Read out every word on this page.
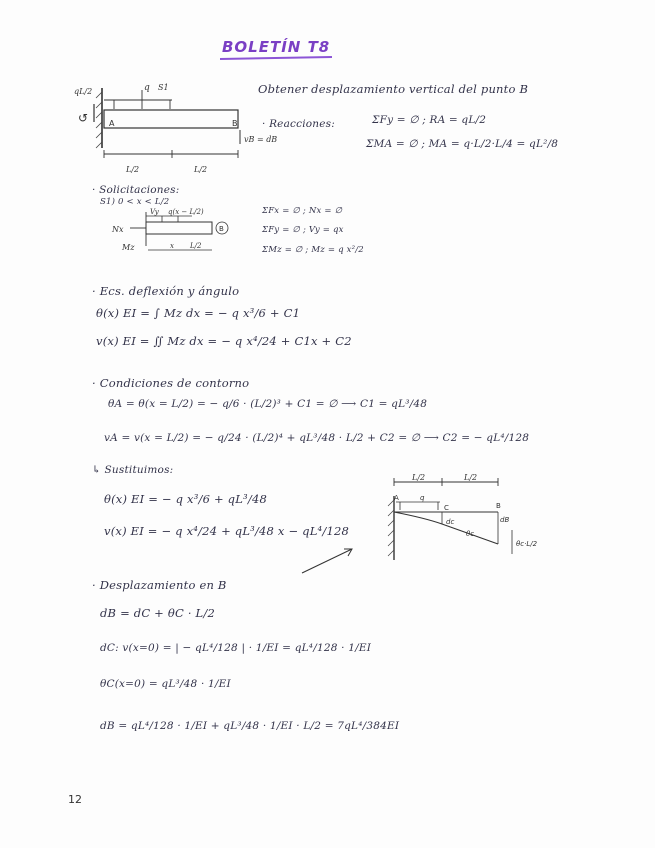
BOLETÍN T8
q S1
qL/2
↺	A	B
vB = dB
L/2	L/2
Obtener desplazamiento vertical del punto B
· Reacciones:	ΣFy = ∅ ; RA = qL/2
ΣMA = ∅ ; MA = q·L/2·L/4 = qL²/8
· Solicitaciones:
S1) 0 < x < L/2
Nx
Vy q(x − L/2)
Mz	x L/2
B
ΣFx = ∅ ; Nx = ∅
ΣFy = ∅ ; Vy = qx
ΣMz = ∅ ; Mz = q x²/2
· Ecs. deflexión y ángulo
θ(x) EI = ∫ Mz dx = − q x³/6 + C1
v(x) EI = ∬ Mz dx = − q x⁴/24 + C1x + C2
· Condiciones de contorno
θA = θ(x = L/2) = − q/6 · (L/2)³ + C1 = ∅ ⟶ C1 = qL³/48
vA = v(x = L/2) = − q/24 · (L/2)⁴ + qL³/48 · L/2 + C2 = ∅ ⟶ C2 = − qL⁴/128
↳ Sustituimos:
θ(x) EI = − q x³/6 + qL³/48
v(x) EI = − q x⁴/24 + qL³/48 x − qL⁴/128
L/2	L/2
A	q
C	B
dc
θc
dB
θc·L/2
· Desplazamiento en B
dB = dC + θC · L/2
dC: v(x=0) = | − qL⁴/128 | · 1/EI = qL⁴/128 · 1/EI
θC(x=0) = qL³/48 · 1/EI
dB = qL⁴/128 · 1/EI + qL³/48 · 1/EI · L/2 = 7qL⁴/384EI
12
